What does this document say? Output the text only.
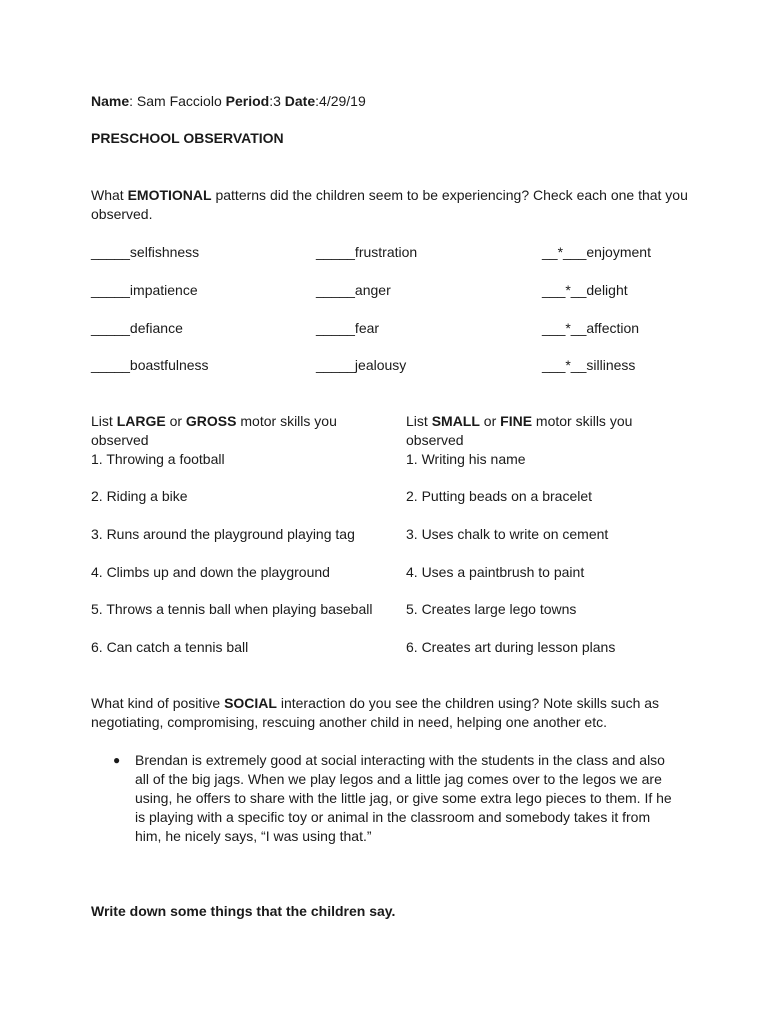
Name: Sam Facciolo Period:3 Date:4/29/19
PRESCHOOL OBSERVATION
What EMOTIONAL patterns did the children seem to be experiencing? Check each one that you observed.
_____selfishness
_____impatience
_____defiance
_____boastfulness
_____frustration
_____anger
_____fear
_____jealousy
__*___enjoyment
___*__delight
___*__affection
___*__silliness
List LARGE or GROSS motor skills you observed
List SMALL or FINE motor skills you observed
1. Throwing a football
2. Riding a bike
3. Runs around the playground playing tag
4. Climbs up and down the playground
5. Throws a tennis ball when playing baseball
6. Can catch a tennis ball
1. Writing his name
2. Putting beads on a bracelet
3. Uses chalk to write on cement
4. Uses a paintbrush to paint
5. Creates large lego towns
6. Creates art during lesson plans
What kind of positive SOCIAL interaction do you see the children using? Note skills such as negotiating, compromising, rescuing another child in need, helping one another etc.
● Brendan is extremely good at social interacting with the students in the class and also all of the big jags. When we play legos and a little jag comes over to the legos we are using, he offers to share with the little jag, or give some extra lego pieces to them. If he is playing with a specific toy or animal in the classroom and somebody takes it from him, he nicely says, “I was using that.”
Write down some things that the children say.
